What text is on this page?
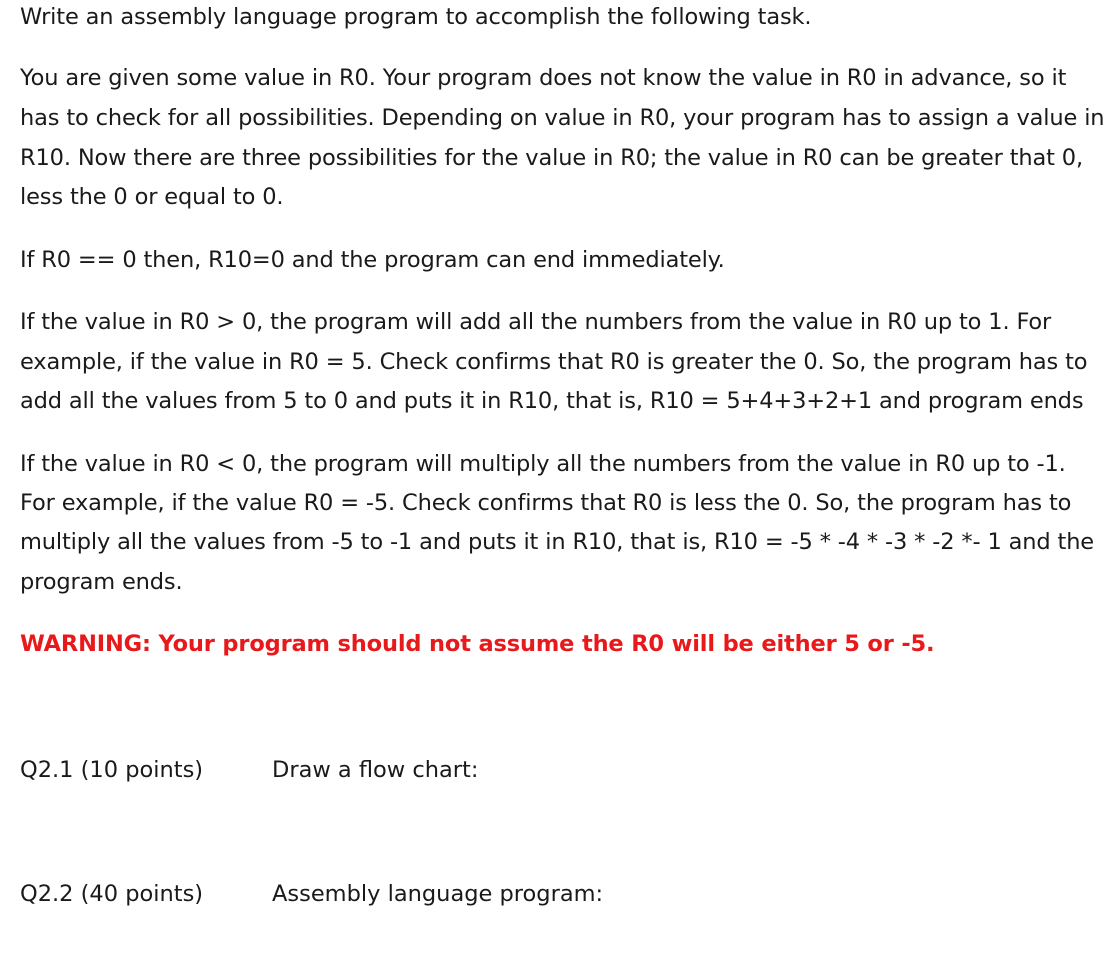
Write an assembly language program to accomplish the following task.
You are given some value in R0. Your program does not know the value in R0 in advance, so it
has to check for all possibilities. Depending on value in R0, your program has to assign a value in
R10. Now there are three possibilities for the value in R0; the value in R0 can be greater that 0,
less the 0 or equal to 0.
If R0 == 0 then, R10=0 and the program can end immediately.
If the value in R0 > 0, the program will add all the numbers from the value in R0 up to 1. For
example, if the value in R0 = 5. Check confirms that R0 is greater the 0. So, the program has to
add all the values from 5 to 0 and puts it in R10, that is, R10 = 5+4+3+2+1 and program ends
If the value in R0 < 0, the program will multiply all the numbers from the value in R0 up to -1.
For example, if the value R0 = -5. Check confirms that R0 is less the 0. So, the program has to
multiply all the values from -5 to -1 and puts it in R10, that is, R10 = -5 * -4 * -3 * -2 *- 1 and the
program ends.
WARNING: Your program should not assume the R0 will be either 5 or -5.
Q2.1 (10 points)	Draw a flow chart:
Q2.2 (40 points)	Assembly language program:
